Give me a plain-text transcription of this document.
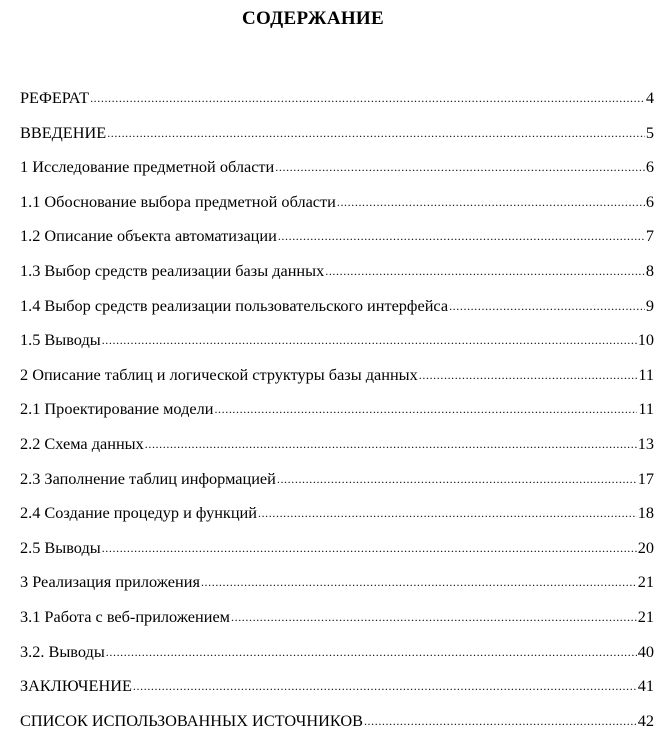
СОДЕРЖАНИЕ
РЕФЕРАТ .....	4
ВВЕДЕНИЕ .....	5
1 Исследование предметной области .....	6
1.1 Обоснование выбора предметной области .....	6
1.2 Описание объекта автоматизации .....	7
1.3 Выбор средств реализации базы данных .....	8
1.4 Выбор средств реализации пользовательского интерфейса .....	9
1.5 Выводы .....	10
2 Описание таблиц и логической структуры базы данных .....	11
2.1 Проектирование модели .....	11
2.2 Схема данных .....	13
2.3 Заполнение таблиц информацией .....	17
2.4 Создание процедур и функций .....	18
2.5 Выводы .....	20
3 Реализация приложения .....	21
3.1 Работа с веб-приложением .....	21
3.2. Выводы .....	40
ЗАКЛЮЧЕНИЕ .....	41
СПИСОК ИСПОЛЬЗОВАННЫХ ИСТОЧНИКОВ .....	42
